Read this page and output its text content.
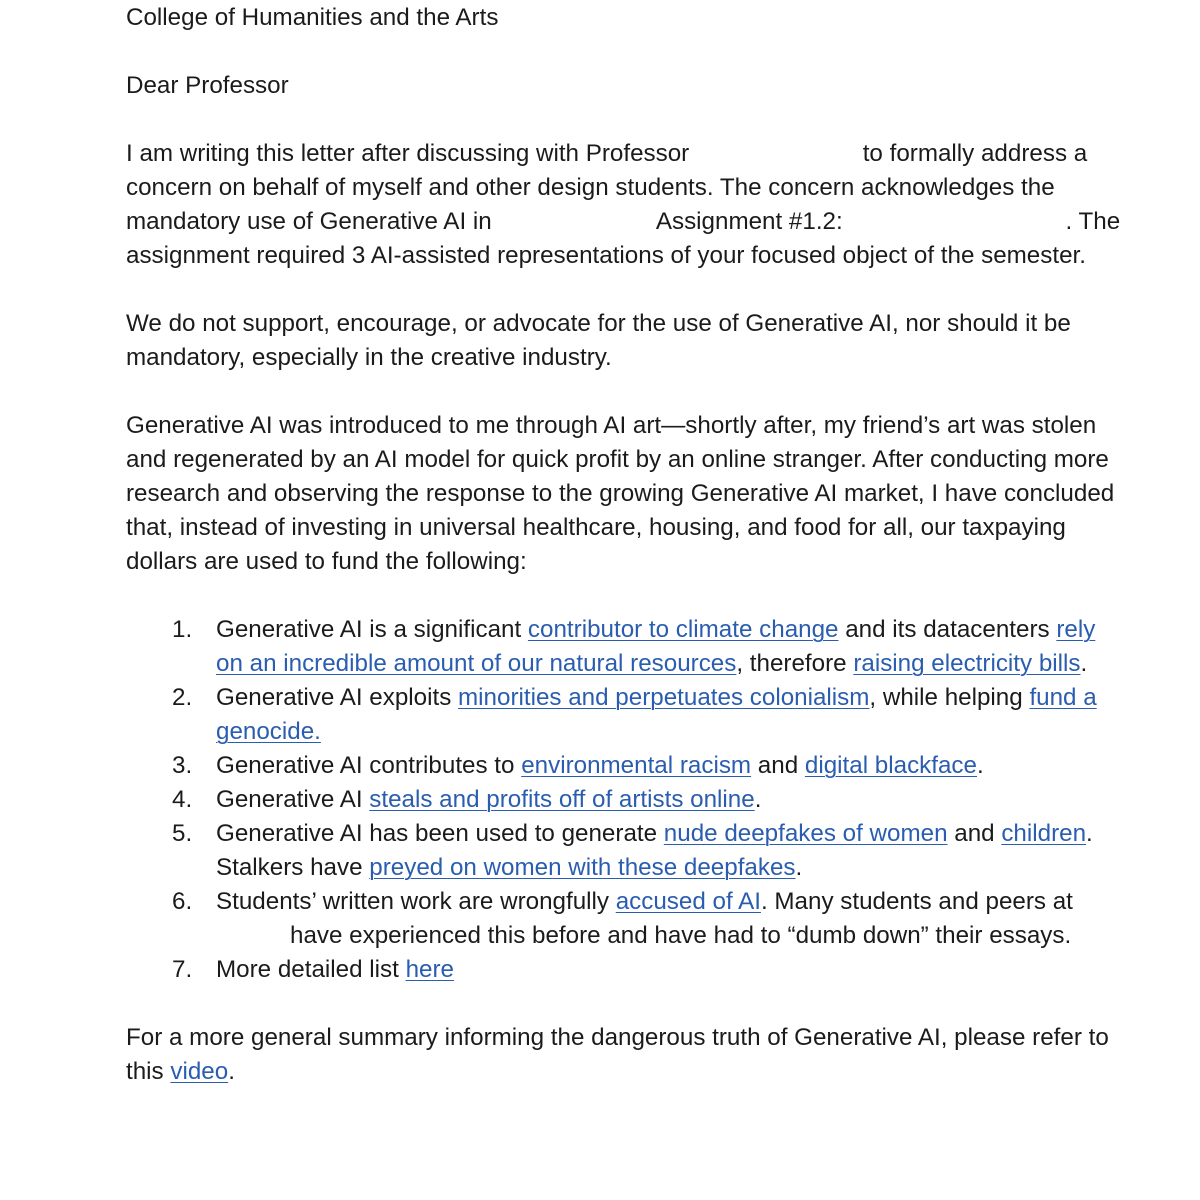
College of Humanities and the Arts

Dear Professor

I am writing this letter after discussing with Professor	to formally address a concern on behalf of myself and other design students. The concern acknowledges the mandatory use of Generative AI in	Assignment #1.2:	. The assignment required 3 AI-assisted representations of your focused object of the semester.

We do not support, encourage, or advocate for the use of Generative AI, nor should it be mandatory, especially in the creative industry.

Generative AI was introduced to me through AI art—shortly after, my friend’s art was stolen and regenerated by an AI model for quick profit by an online stranger. After conducting more research and observing the response to the growing Generative AI market, I have concluded that, instead of investing in universal healthcare, housing, and food for all, our taxpaying dollars are used to fund the following:

1. Generative AI is a significant contributor to climate change and its datacenters rely on an incredible amount of our natural resources, therefore raising electricity bills.
2. Generative AI exploits minorities and perpetuates colonialism, while helping fund a genocide.
3. Generative AI contributes to environmental racism and digital blackface.
4. Generative AI steals and profits off of artists online.
5. Generative AI has been used to generate nude deepfakes of women and children. Stalkers have preyed on women with these deepfakes.
6. Students’ written work are wrongfully accused of AI. Many students and peers at have experienced this before and have had to “dumb down” their essays.
7. More detailed list here

For a more general summary informing the dangerous truth of Generative AI, please refer to this video.
